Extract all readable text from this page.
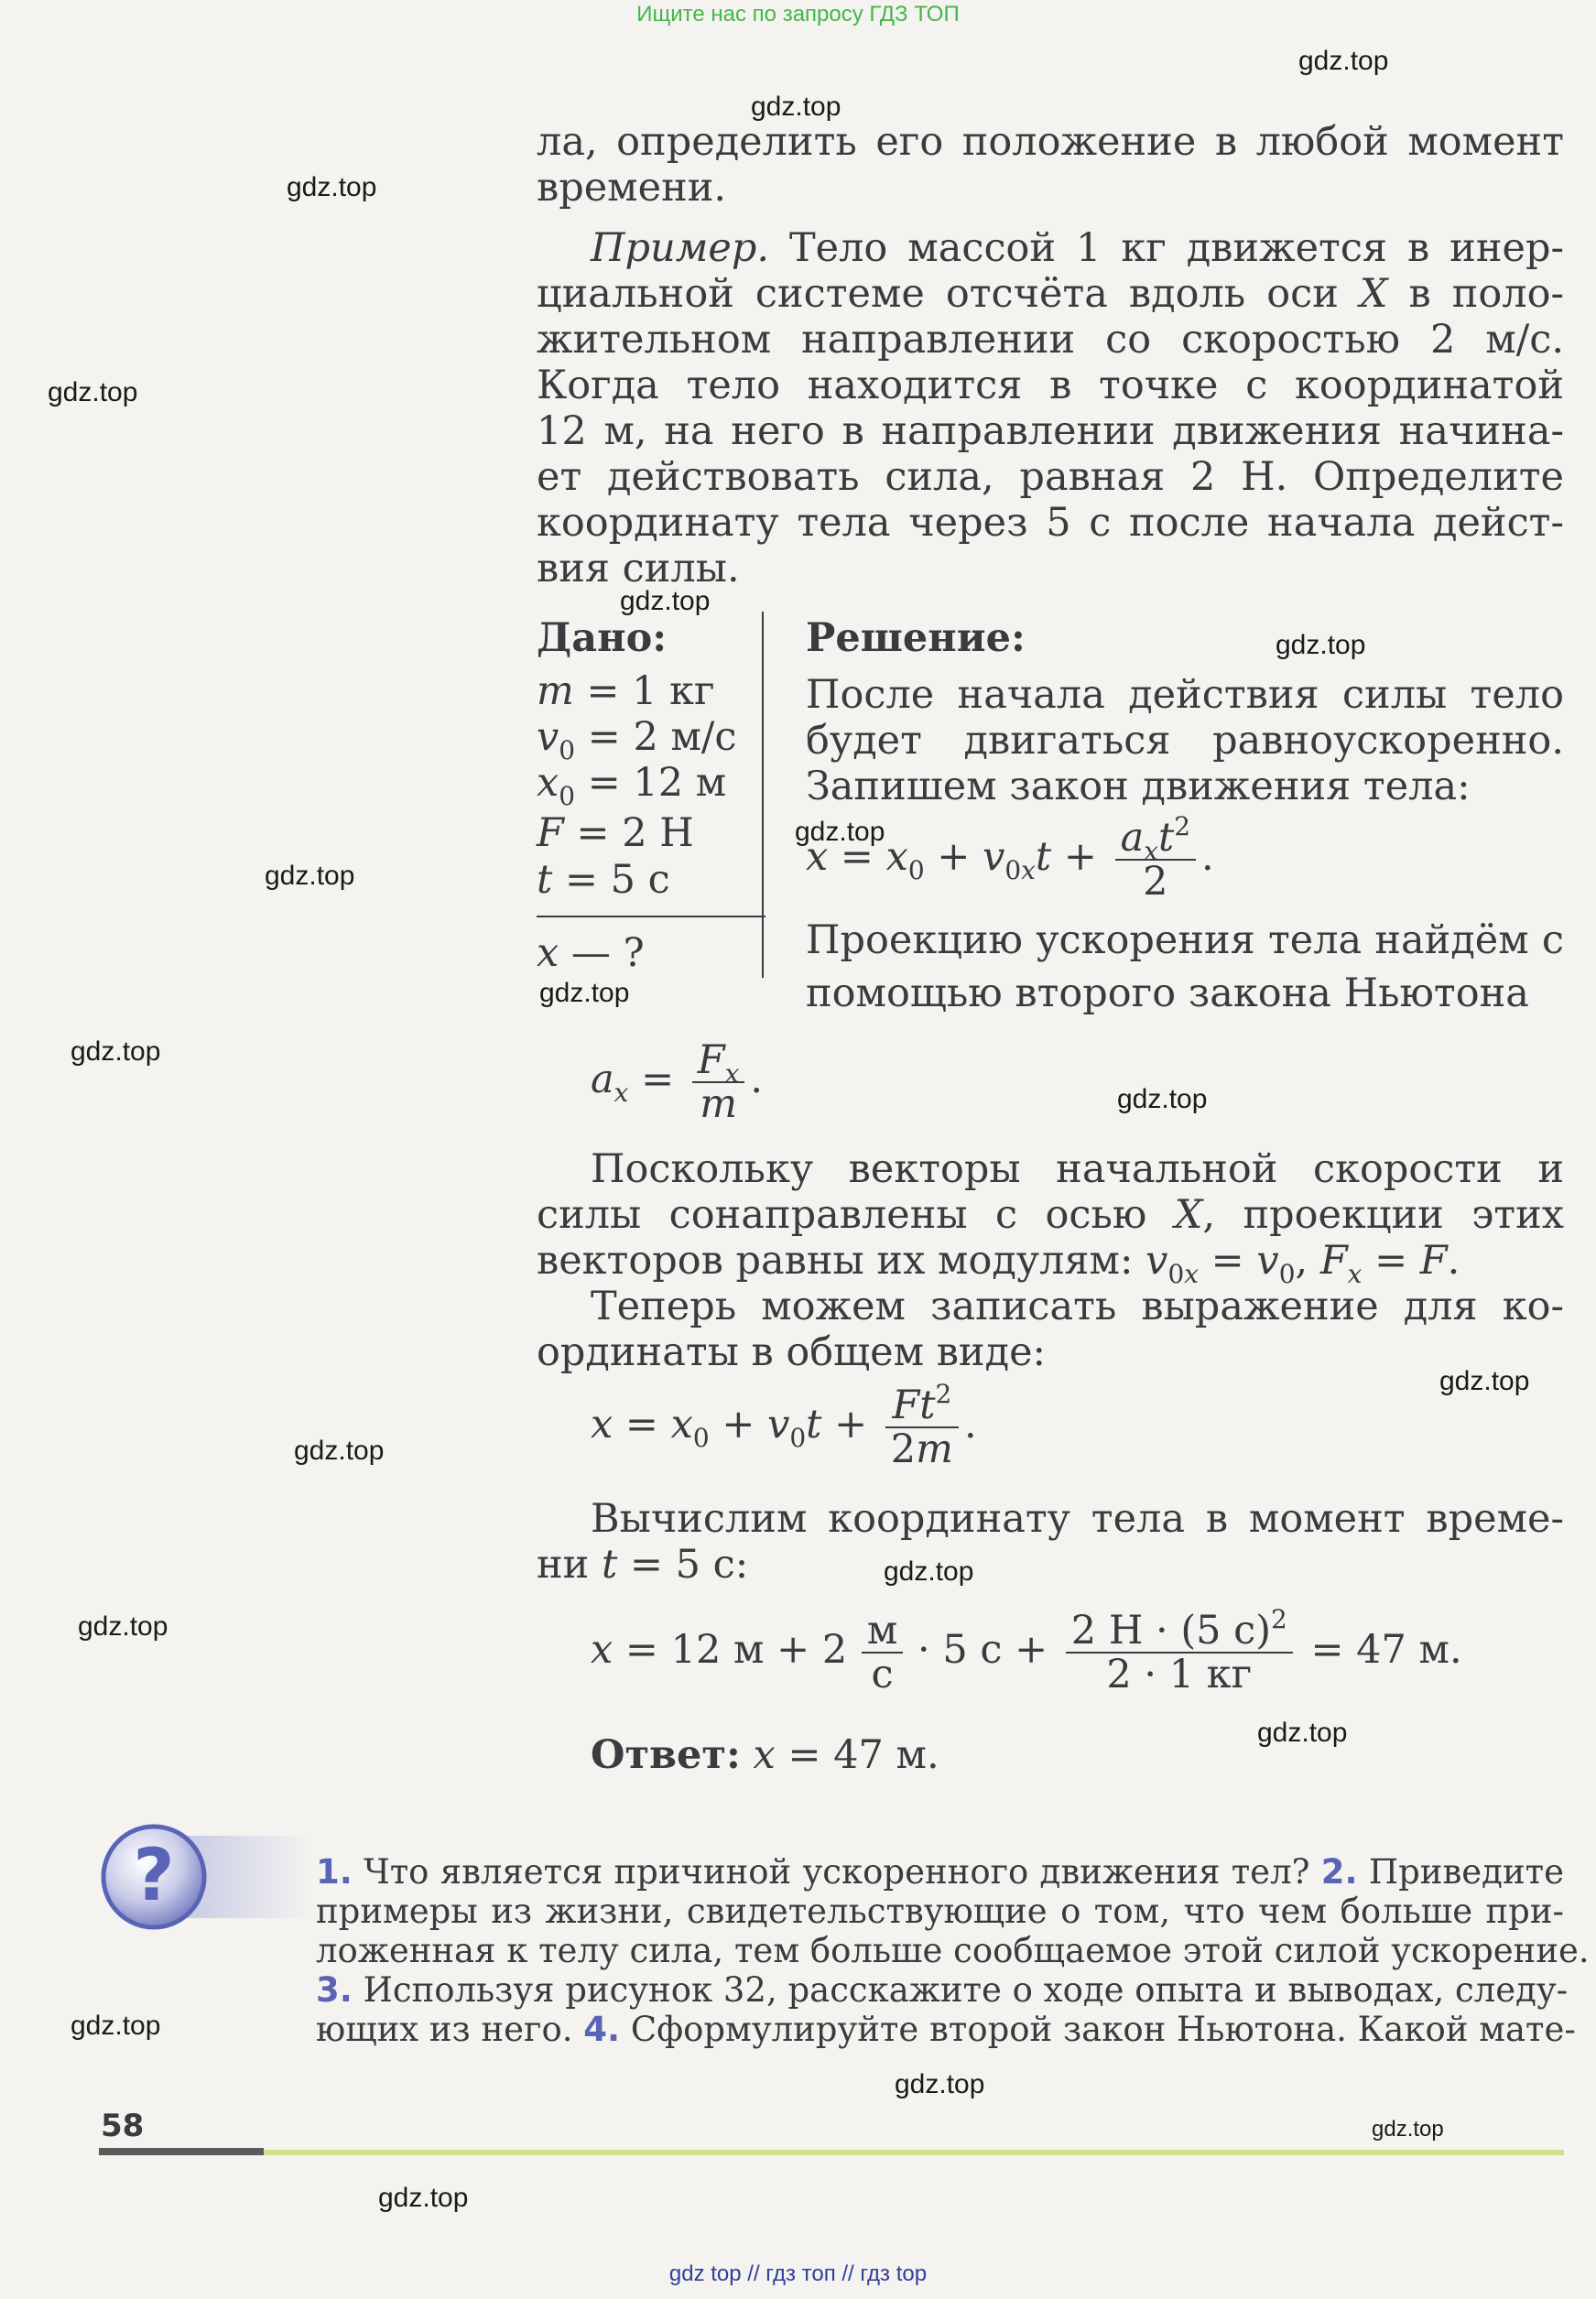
Ищите нас по запросу ГДЗ ТОП
ла, определить его положение в любой момент
времени.
Пример. Тело массой 1 кг движется в инер-
циальной системе отсчёта вдоль оси X в поло-
жительном направлении со скоростью 2 м/с.
Когда тело находится в точке с координатой
12 м, на него в направлении движения начина-
ет действовать сила, равная 2 Н. Определите
координату тела через 5 с после начала дейст-
вия силы.
Дано:
m = 1 кг
$v_0 = 2$ м/с
$x_0 = 12$ м
F = 2 Н
t = 5 с
x — ?
Решение:
После начала действия силы тело
будет двигаться равноускоренно.
Запишем закон движения тела:
$x = x_0 + v_{0x}t + \frac{a_xt^2}{2}$ .
Проекцию ускорения тела найдём с
помощью второго закона Ньютона
$a_x = \frac{F_x}{m}$ .
Поскольку векторы начальной скорости и
силы сонаправлены с осью X, проекции этих
векторов равны их модулям: $v_{0x} = v_0$, $F_x = F$.
Теперь можем записать выражение для ко-
ординаты в общем виде:
$x = x_0 + v_0t + \frac{Ft^2}{2m}$ .
Вычислим координату тела в момент време-
ни t = 5 с:
x = 12 $м + 2 \frac{м}{с} \cdot 5$ $с + \frac{2 Н \cdot (5 с)^2}{2 \cdot 1 кг} = 47$ м.
Ответ: x = 47 м.
?	1. Что является причиной ускоренного движения тел? 2. Приведите
примеры из жизни, свидетельствующие о том, что чем больше при-
ложенная к телу сила, тем больше сообщаемое этой силой ускорение.
3. Используя рисунок 32, расскажите о ходе опыта и выводах, следу-
ющих из него. 4. Сформулируйте второй закон Ньютона. Какой мате-
58
gdz.top
gdz.top
gdz.top
gdz.top
gdz.top
gdz.top
gdz.top
gdz.top
gdz.top
gdz.top
gdz.top
gdz.top
gdz.top
gdz.top
gdz.top
gdz.top
gdz.top
gdz.top
gdz.top
gdz.top
gdz top // гдз топ // гдз top
